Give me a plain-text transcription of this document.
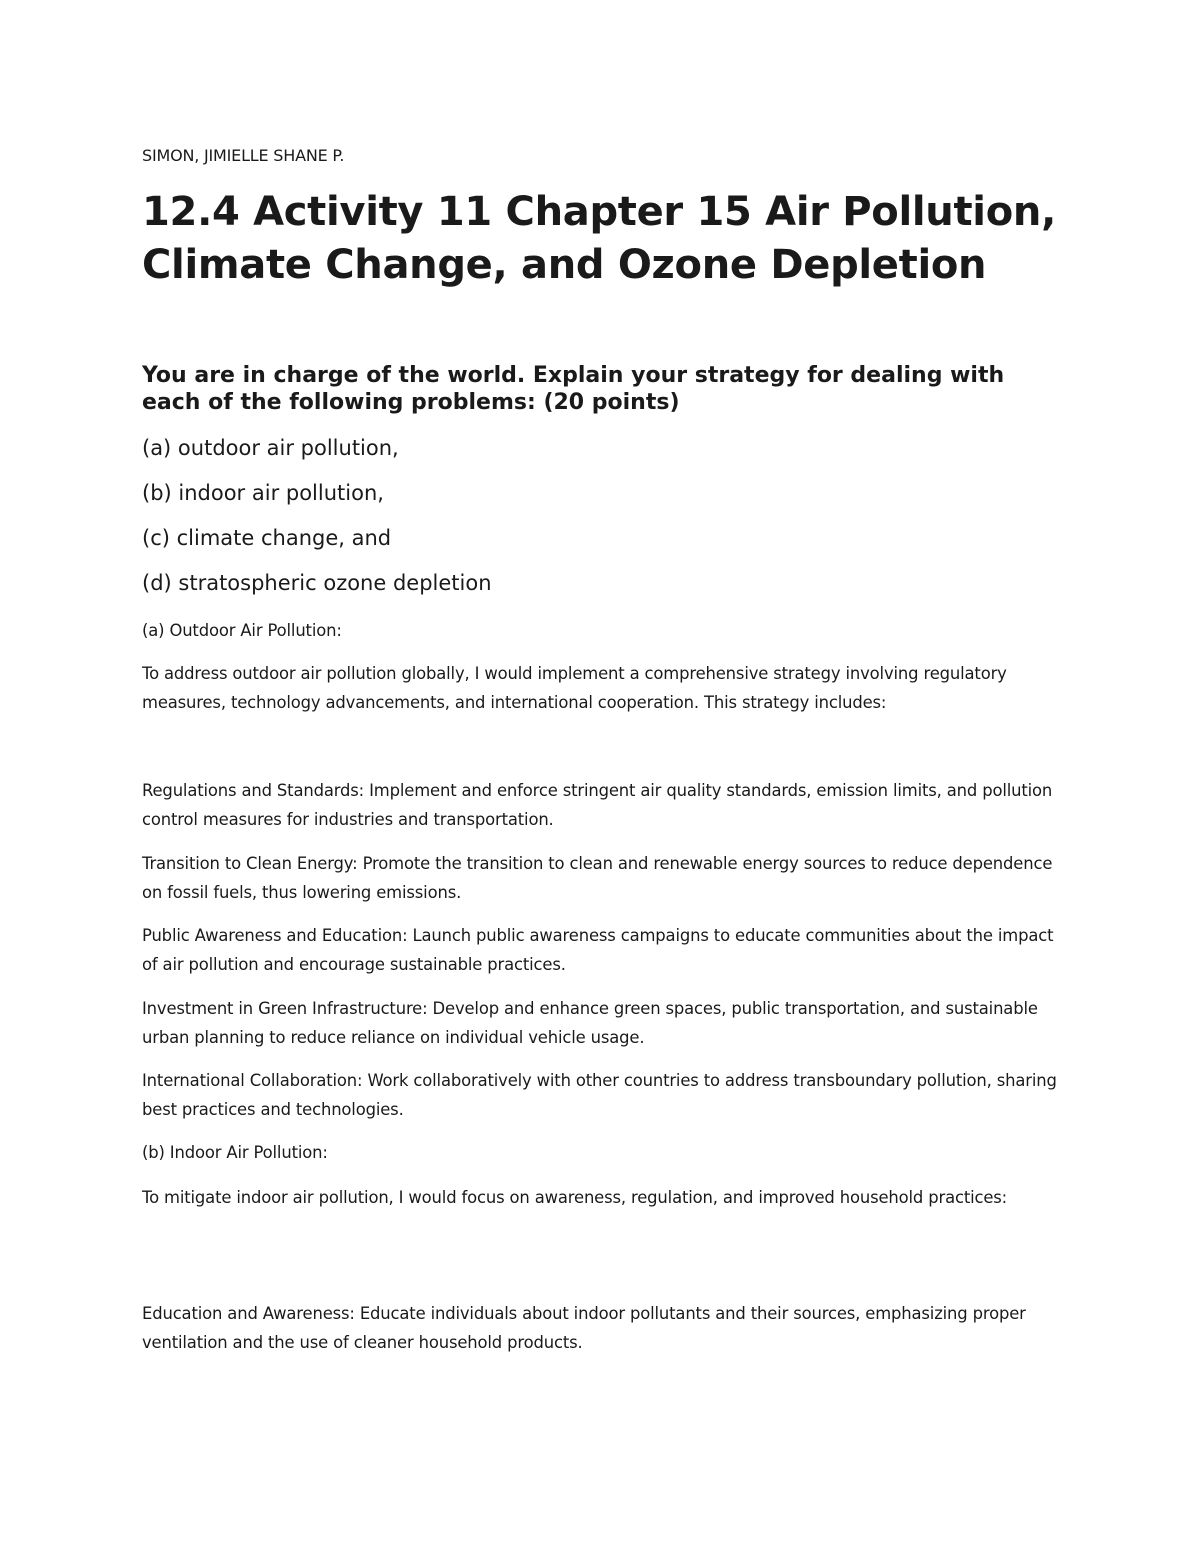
SIMON, JIMIELLE SHANE P.
12.4 Activity 11 Chapter 15 Air Pollution, Climate Change, and Ozone Depletion
You are in charge of the world. Explain your strategy for dealing with each of the following problems: (20 points)
(a) outdoor air pollution,
(b) indoor air pollution,
(c) climate change, and
(d) stratospheric ozone depletion

(a) Outdoor Air Pollution:

To address outdoor air pollution globally, I would implement a comprehensive strategy involving regulatory measures, technology advancements, and international cooperation. This strategy includes:

Regulations and Standards: Implement and enforce stringent air quality standards, emission limits, and pollution control measures for industries and transportation.

Transition to Clean Energy: Promote the transition to clean and renewable energy sources to reduce dependence on fossil fuels, thus lowering emissions.

Public Awareness and Education: Launch public awareness campaigns to educate communities about the impact of air pollution and encourage sustainable practices.

Investment in Green Infrastructure: Develop and enhance green spaces, public transportation, and sustainable urban planning to reduce reliance on individual vehicle usage.

International Collaboration: Work collaboratively with other countries to address transboundary pollution, sharing best practices and technologies.

(b) Indoor Air Pollution:

To mitigate indoor air pollution, I would focus on awareness, regulation, and improved household practices:

Education and Awareness: Educate individuals about indoor pollutants and their sources, emphasizing proper ventilation and the use of cleaner household products.
